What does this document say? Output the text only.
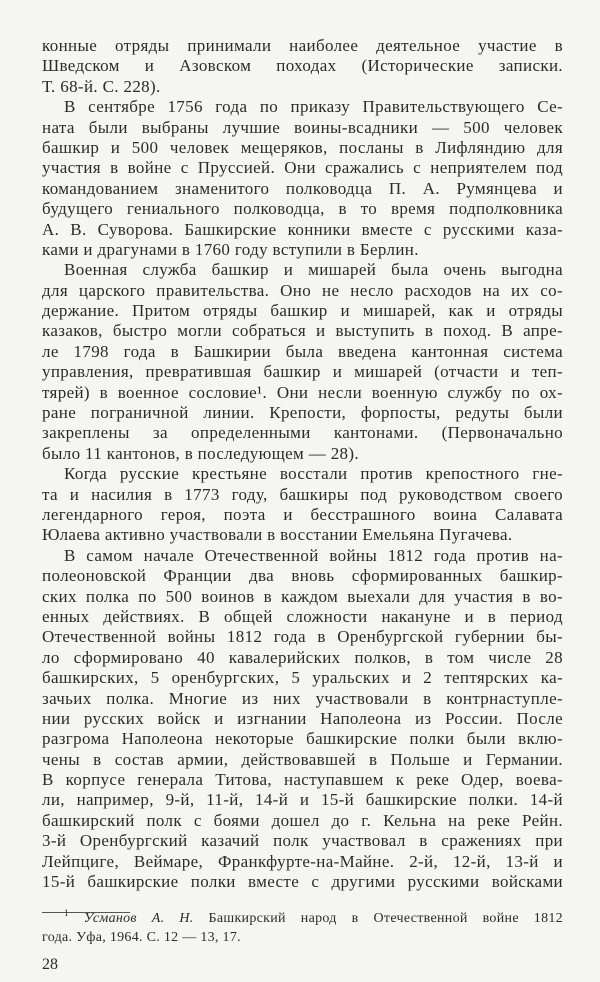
конные отряды принимали наиболее деятельное участие в
Шведском и Азовском походах (Исторические записки.
Т. 68-й. С. 228).
В сентябре 1756 года по приказу Правительствующего Се-
ната были выбраны лучшие воины-всадники — 500 человек
башкир и 500 человек мещеряков, посланы в Лифляндию для
участия в войне с Пруссией. Они сражались с неприятелем под
командованием знаменитого полководца П. А. Румянцева и
будущего гениального полководца, в то время подполковника
А. В. Суворова. Башкирские конники вместе с русскими каза-
ками и драгунами в 1760 году вступили в Берлин.
Военная служба башкир и мишарей была очень выгодна
для царского правительства. Оно не несло расходов на их со-
держание. Притом отряды башкир и мишарей, как и отряды
казаков, быстро могли собраться и выступить в поход. В апре-
ле 1798 года в Башкирии была введена кантонная система
управления, превратившая башкир и мишарей (отчасти и теп-
тярей) в военное сословие¹. Они несли военную службу по ох-
ране пограничной линии. Крепости, форпосты, редуты были
закреплены за определенными кантонами. (Первоначально
было 11 кантонов, в последующем — 28).
Когда русские крестьяне восстали против крепостного гне-
та и насилия в 1773 году, башкиры под руководством своего
легендарного героя, поэта и бесстрашного воина Салавата
Юлаева активно участвовали в восстании Емельяна Пугачева.
В самом начале Отечественной войны 1812 года против на-
полеоновской Франции два вновь сформированных башкир-
ских полка по 500 воинов в каждом выехали для участия в во-
енных действиях. В общей сложности накануне и в период
Отечественной войны 1812 года в Оренбургской губернии бы-
ло сформировано 40 кавалерийских полков, в том числе 28
башкирских, 5 оренбургских, 5 уральских и 2 тептярских ка-
зачьих полка. Многие из них участвовали в контрнаступле-
нии русских войск и изгнании Наполеона из России. После
разгрома Наполеона некоторые башкирские полки были вклю-
чены в состав армии, действовавшей в Польше и Германии.
В корпусе генерала Титова, наступавшем к реке Одер, воева-
ли, например, 9-й, 11-й, 14-й и 15-й башкирские полки. 14-й
башкирский полк с боями дошел до г. Кельна на реке Рейн.
3-й Оренбургский казачий полк участвовал в сражениях при
Лейпциге, Веймаре, Франкфурте-на-Майне. 2-й, 12-й, 13-й и
15-й башкирские полки вместе с другими русскими войсками
$^1$ Усманов А. Н. Башкирский народ в Отечественной войне 1812
года. Уфа, 1964. С. 12 — 13, 17.
28
